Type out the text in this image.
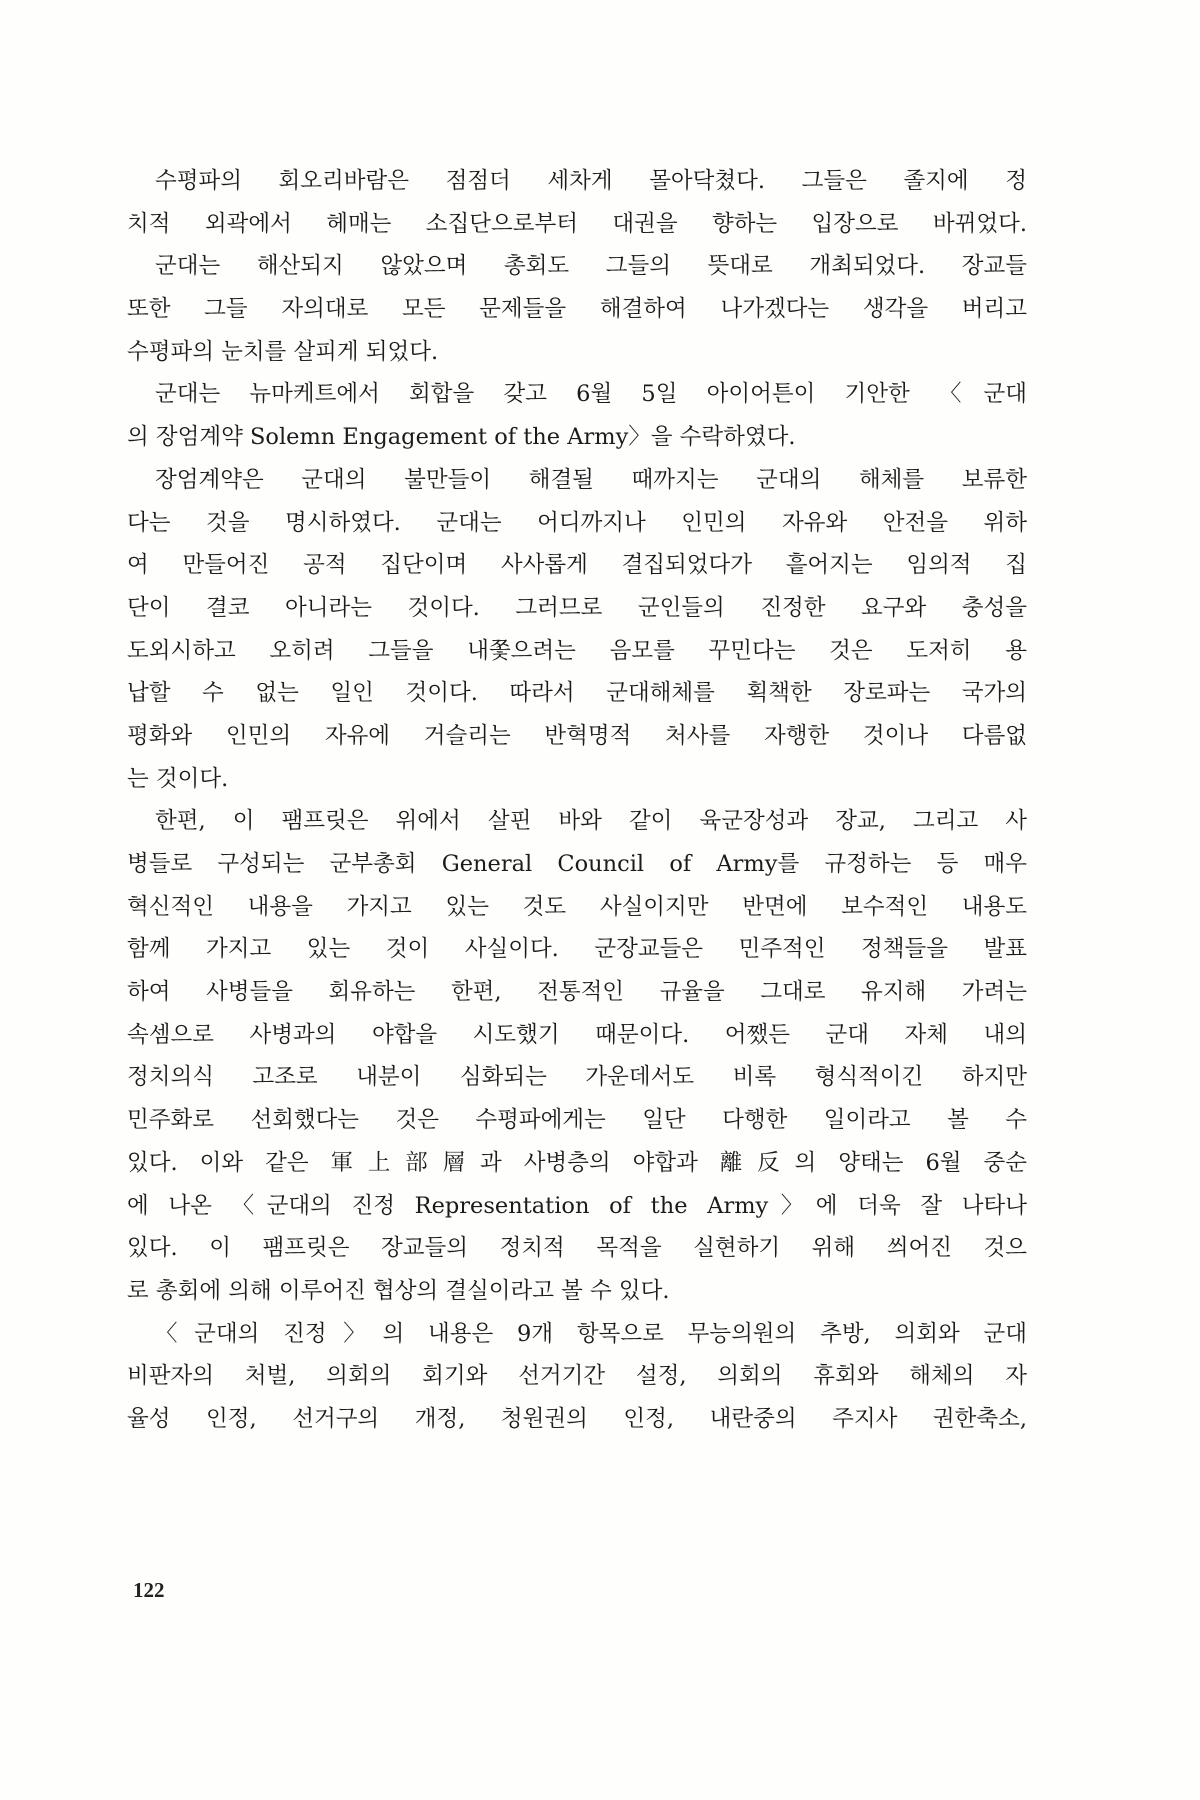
수평파의 회오리바람은 점점더 세차게 몰아닥쳤다. 그들은 졸지에 정
치적 외곽에서 헤매는 소집단으로부터 대권을 향하는 입장으로 바뀌었다.
군대는 해산되지 않았으며 총회도 그들의 뜻대로 개최되었다. 장교들
또한 그들 자의대로 모든 문제들을 해결하여 나가겠다는 생각을 버리고
수평파의 눈치를 살피게 되었다.
군대는 뉴마케트에서 회합을 갖고 6월 5일 아이어튼이 기안한 〈군대
의 장엄계약 Solemn Engagement of the Army〉을 수락하였다.
장엄계약은 군대의 불만들이 해결될 때까지는 군대의 해체를 보류한
다는 것을 명시하였다. 군대는 어디까지나 인민의 자유와 안전을 위하
여 만들어진 공적 집단이며 사사롭게 결집되었다가 흩어지는 임의적 집
단이 결코 아니라는 것이다. 그러므로 군인들의 진정한 요구와 충성을
도외시하고 오히려 그들을 내쫓으려는 음모를 꾸민다는 것은 도저히 용
납할 수 없는 일인 것이다. 따라서 군대해체를 획책한 장로파는 국가의
평화와 인민의 자유에 거슬리는 반혁명적 처사를 자행한 것이나 다름없
는 것이다.
한편, 이 팸프릿은 위에서 살핀 바와 같이 육군장성과 장교, 그리고 사
병들로 구성되는 군부총회 General Council of Army를 규정하는 등 매우
혁신적인 내용을 가지고 있는 것도 사실이지만 반면에 보수적인 내용도
함께 가지고 있는 것이 사실이다. 군장교들은 민주적인 정책들을 발표
하여 사병들을 회유하는 한편, 전통적인 규율을 그대로 유지해 가려는
속셈으로 사병과의 야합을 시도했기 때문이다. 어쨌든 군대 자체 내의
정치의식 고조로 내분이 심화되는 가운데서도 비록 형식적이긴 하지만
민주화로 선회했다는 것은 수평파에게는 일단 다행한 일이라고 볼 수
있다. 이와 같은 軍上部層과 사병층의 야합과 離反의 양태는 6월 중순
에 나온 〈군대의 진정 Representation of the Army〉에 더욱 잘 나타나
있다. 이 팸프릿은 장교들의 정치적 목적을 실현하기 위해 씌어진 것으
로 총회에 의해 이루어진 협상의 결실이라고 볼 수 있다.
〈군대의 진정〉의 내용은 9개 항목으로 무능의원의 추방, 의회와 군대
비판자의 처벌, 의회의 회기와 선거기간 설정, 의회의 휴회와 해체의 자
율성 인정, 선거구의 개정, 청원권의 인정, 내란중의 주지사 권한축소,
122
